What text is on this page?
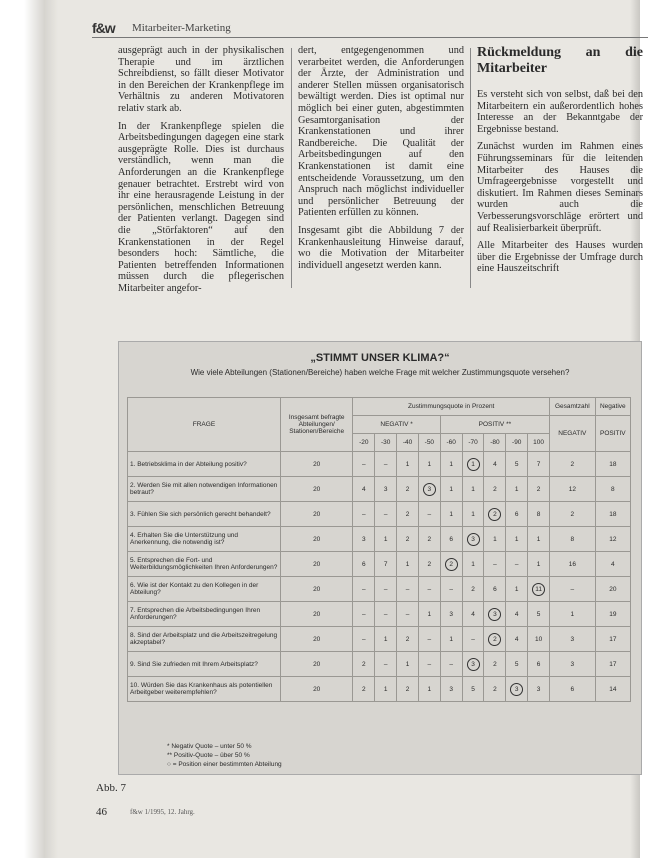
f&w Mitarbeiter-Marketing

ausgeprägt auch in der physikalischen Therapie und im ärztlichen Schreibdienst, so fällt dieser Motivator in den Bereichen der Krankenpflege im Verhältnis zu anderen Motivatoren relativ stark ab.

In der Krankenpflege spielen die Arbeitsbedingungen dagegen eine stark ausgeprägte Rolle. Dies ist durchaus verständlich, wenn man die Anforderungen an die Krankenpflege genauer betrachtet. Erstrebt wird von ihr eine herausragende Leistung in der persönlichen, menschlichen Betreuung der Patienten verlangt. Dagegen sind die „Störfaktoren“ auf den Krankenstationen in der Regel besonders hoch: Sämtliche, die Patienten betreffenden Informationen müssen durch die pflegerischen Mitarbeiter angefor-

dert, entgegengenommen und verarbeitet werden, die Anforderungen der Ärzte, der Administration und anderer Stellen müssen organisatorisch bewältigt werden. Dies ist optimal nur möglich bei einer guten, abgestimmten Gesamtorganisation der Krankenstationen und ihrer Randbereiche. Die Qualität der Arbeitsbedingungen auf den Krankenstationen ist damit eine entscheidende Voraussetzung, um den Anspruch nach möglichst individueller und persönlicher Betreuung der Patienten erfüllen zu können.

Insgesamt gibt die Abbildung 7 der Krankenhausleitung Hinweise darauf, wo die Motivation der Mitarbeiter individuell angesetzt werden kann.

Rückmeldung an die Mitarbeiter

Es versteht sich von selbst, daß bei den Mitarbeitern ein außerordentlich hohes Interesse an der Bekanntgabe der Ergebnisse bestand.

Zunächst wurden im Rahmen eines Führungsseminars für die leitenden Mitarbeiter des Hauses die Umfrageergebnisse vorgestellt und diskutiert. Im Rahmen dieses Seminars wurden auch die Verbesserungsvorschläge erörtert und auf Realisierbarkeit überprüft.

Alle Mitarbeiter des Hauses wurden über die Ergebnisse der Umfrage durch eine Hauszeitschrift

„STIMMT UNSER KLIMA?“
Wie viele Abteilungen (Stationen/Bereiche) haben welche Frage mit welcher Zustimmungsquote versehen?
FRAGE	Insgesamt befragte Abteilungen/ Stationen/Bereiche	Zustimmungsquote in Prozent									Gesamtzahl	Negative
		NEGATIV *				POSITIV **					NEGATIV	POSITIV
		-20	-30	-40	-50	-60	-70	-80	-90	100		
1. Betriebsklima in der Abteilung positiv?	20	–	–	1	1	1	1	4	5	7	2	18
2. Werden Sie mit allen notwendigen Informationen betraut?	20	4	3	2	3	1	1	2	1	2	12	8
3. Fühlen Sie sich persönlich gerecht behandelt?	20	–	–	2	–	1	1	2	6	8	2	18
4. Erhalten Sie die Unterstützung und Anerkennung, die notwendig ist?	20	3	1	2	2	6	3	1	1	1	8	12
5. Entsprechen die Fort- und Weiterbildungsmöglichkeiten Ihren Anforderungen?	20	6	7	1	2	2	1	–	–	1	16	4
6. Wie ist der Kontakt zu den Kollegen in der Abteilung?	20	–	–	–	–	–	2	6	1	11	–	20
7. Entsprechen die Arbeitsbedingungen Ihren Anforderungen?	20	–	–	–	1	3	4	3	4	5	1	19
8. Sind der Arbeitsplatz und die Arbeitszeitregelung akzeptabel?	20	–	1	2	–	1	–	2	4	10	3	17
9. Sind Sie zufrieden mit Ihrem Arbeitsplatz?	20	2	–	1	–	–	3	2	5	6	3	17
10. Würden Sie das Krankenhaus als potentiellen Arbeitgeber weiterempfehlen?	20	2	1	2	1	3	5	2	3	3	6	14
* Negativ Quote – unter 50 %
** Positiv-Quote – über 50 %
○ = Position einer bestimmten Abteilung
Abb. 7
46	f&w 1/1995, 12. Jahrg.
